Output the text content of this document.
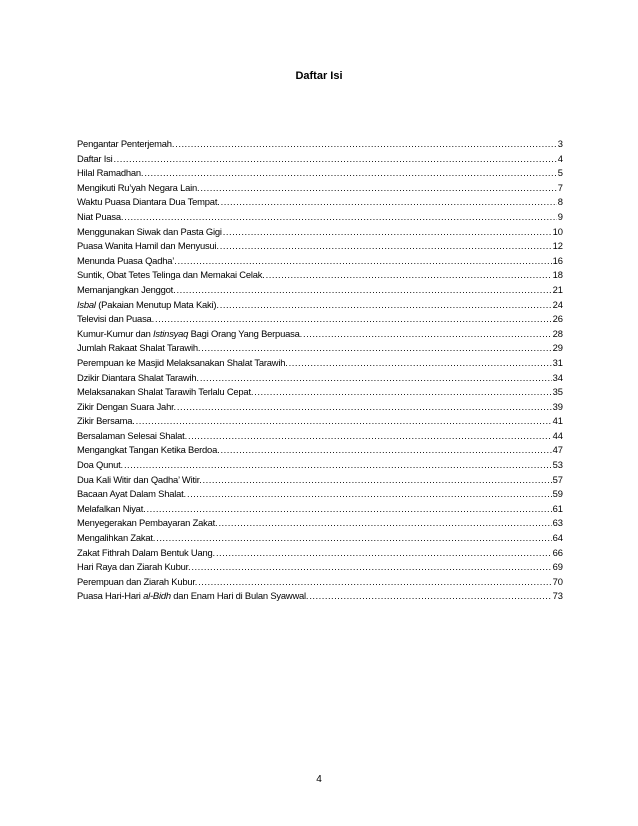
Daftar Isi
Pengantar Penterjemah. .....	3
Daftar Isi .....	4
Hilal Ramadhan. .....	5
Mengikuti Ru’yah Negara Lain. .....	7
Waktu Puasa Diantara Dua Tempat. .....	8
Niat Puasa. .....	9
Menggunakan Siwak dan Pasta Gigi .....	10
Puasa Wanita Hamil dan Menyusui. .....	12
Menunda Puasa Qadha’. .....	16
Suntik, Obat Tetes Telinga dan Memakai Celak. .....	18
Memanjangkan Jenggot. .....	21
Isbal (Pakaian Menutup Mata Kaki). .....	24
Televisi dan Puasa. .....	26
Kumur-Kumur dan Istinsyaq Bagi Orang Yang Berpuasa. .....	28
Jumlah Rakaat Shalat Tarawih. .....	29
Perempuan ke Masjid Melaksanakan Shalat Tarawih. .....	31
Dzikir Diantara Shalat Tarawih. .....	34
Melaksanakan Shalat Tarawih Terlalu Cepat. .....	35
Zikir Dengan Suara Jahr. .....	39
Zikir Bersama. .....	41
Bersalaman Selesai Shalat. .....	44
Mengangkat Tangan Ketika Berdoa. .....	47
Doa Qunut. .....	53
Dua Kali Witir dan Qadha’ Witir. .....	57
Bacaan Ayat Dalam Shalat. .....	59
Melafalkan Niyat. .....	61
Menyegerakan Pembayaran Zakat. .....	63
Mengalihkan Zakat. .....	64
Zakat Fithrah Dalam Bentuk Uang. .....	66
Hari Raya dan Ziarah Kubur. .....	69
Perempuan dan Ziarah Kubur. .....	70
Puasa Hari-Hari al-Bidh dan Enam Hari di Bulan Syawwal. .....	73
4
